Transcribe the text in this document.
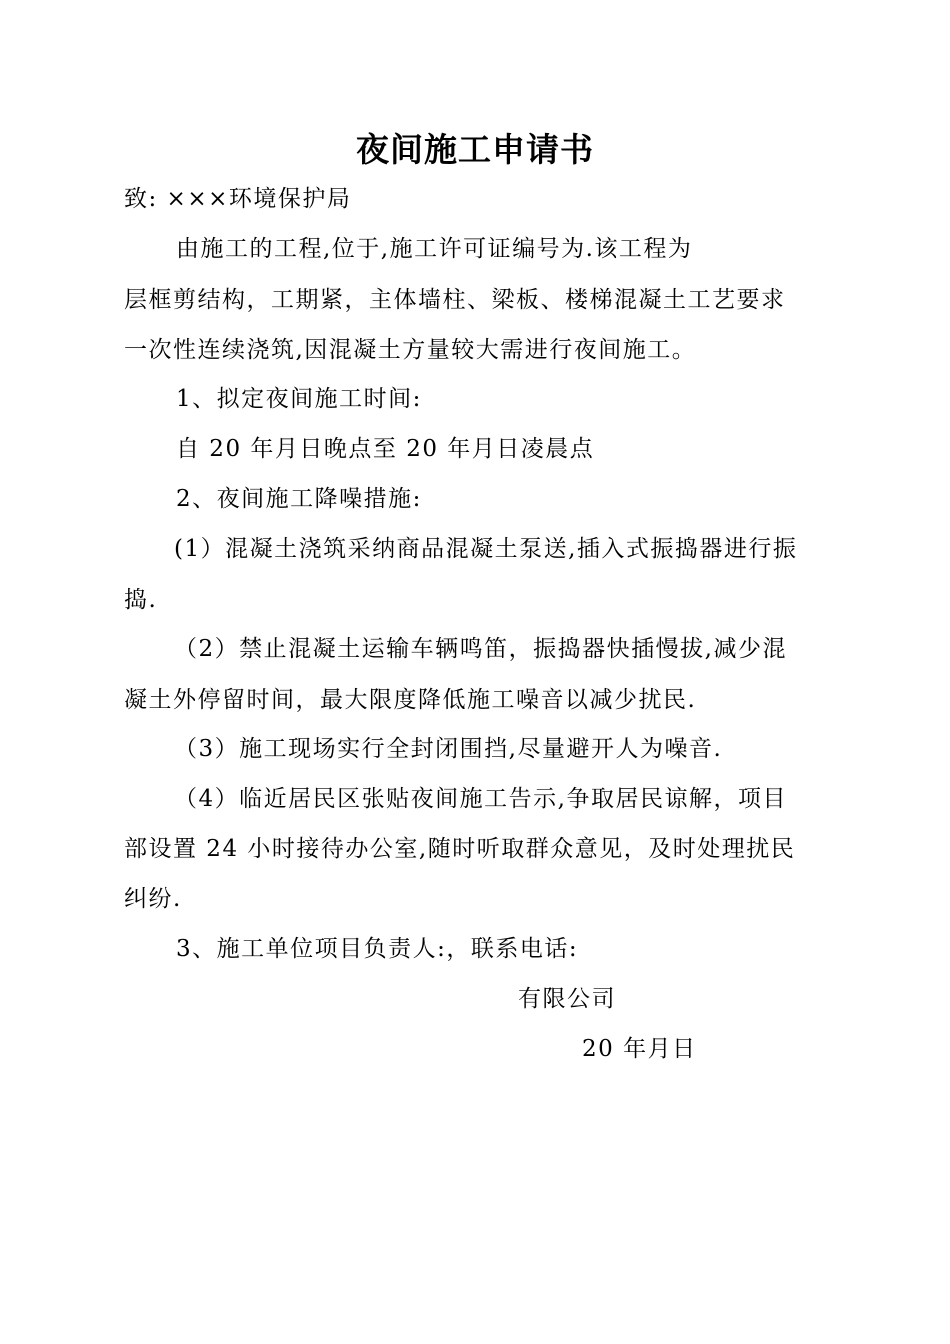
夜间施工申请书
致: ×××环境保护局
由施工的工程,位于,施工许可证编号为.该工程为
层框剪结构，工期紧，主体墙柱、梁板、楼梯混凝土工艺要求
一次性连续浇筑,因混凝土方量较大需进行夜间施工。
1、拟定夜间施工时间:
自 20 年月日晚点至 20 年月日凌晨点
2、夜间施工降噪措施:
(1）混凝土浇筑采纳商品混凝土泵送,插入式振捣器进行振
捣.
（2）禁止混凝土运输车辆鸣笛，振捣器快插慢拔,减少混
凝土外停留时间，最大限度降低施工噪音以减少扰民.
（3）施工现场实行全封闭围挡,尽量避开人为噪音.
（4）临近居民区张贴夜间施工告示,争取居民谅解，项目
部设置 24 小时接待办公室,随时听取群众意见，及时处理扰民
纠纷.
3、施工单位项目负责人:，联系电话:
有限公司
20 年月日
